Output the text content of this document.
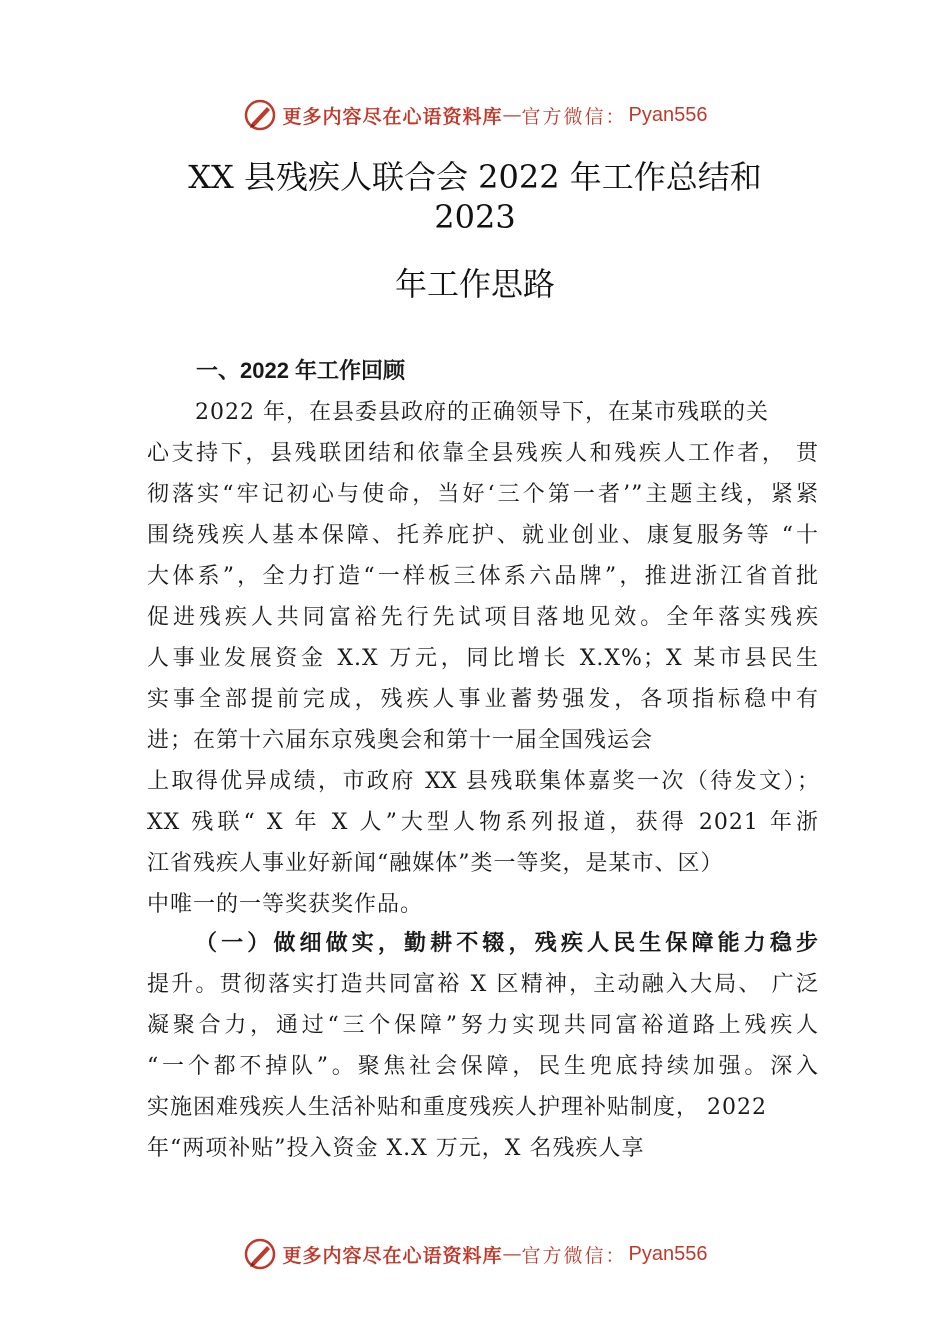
更多内容尽在心语资料库 — 官方微信： Pyan556
XX 县残疾人联合会 2022 年工作总结和
2023
年工作思路
一、2022 年工作回顾
2022 年，在县委县政府的正确领导下，在某市残联的关
心支持下，县残联团结和依靠全县残疾人和残疾人工作者， 贯
彻落实“牢记初心与使命，当好‘三个第一者’”主题主线，紧紧
围绕残疾人基本保障、托养庇护、就业创业、康复服务等 “十
大体系”，全力打造“一样板三体系六品牌”，推进浙江省首批
促进残疾人共同富裕先行先试项目落地见效。全年落实残疾
人事业发展资金 X.X 万元，同比增长 X.X%；X 某市县民生
实事全部提前完成，残疾人事业蓄势强发，各项指标稳中有
进；在第十六届东京残奥会和第十一届全国残运会
上取得优异成绩，市政府 XX 县残联集体嘉奖一次（待发文）；
XX 残联“ X 年 X 人”大型人物系列报道，获得 2021 年浙
江省残疾人事业好新闻“融媒体”类一等奖，是某市、区）
中唯一的一等奖获奖作品。
（一）做细做实，勤耕不辍，残疾人民生保障能力稳步
提升。贯彻落实打造共同富裕 X 区精神，主动融入大局、 广泛
凝聚合力，通过“三个保障”努力实现共同富裕道路上残疾人
“一个都不掉队”。聚焦社会保障，民生兜底持续加强。深入
实施困难残疾人生活补贴和重度残疾人护理补贴制度， 2022
年“两项补贴”投入资金 X.X 万元，X 名残疾人享
更多内容尽在心语资料库 — 官方微信： Pyan556
